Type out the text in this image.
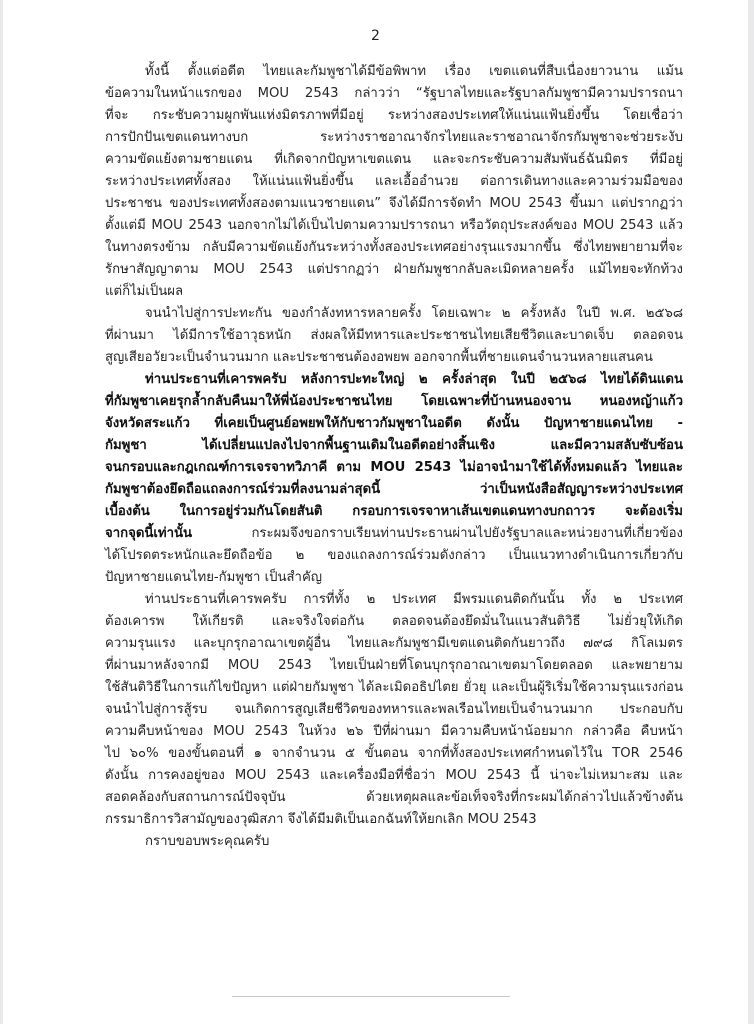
2
ทั้งนี้ ตั้งแต่อดีต ไทยและกัมพูชาได้มีข้อพิพาท เรื่อง เขตแดนที่สืบเนื่องยาวนาน แม้น
ข้อความในหน้าแรกของ MOU 2543 กล่าวว่า “รัฐบาลไทยและรัฐบาลกัมพูชามีความปรารถนา
ที่จะ กระชับความผูกพันแห่งมิตรภาพที่มีอยู่ ระหว่างสองประเทศให้แน่นแฟ้นยิ่งขึ้น โดยเชื่อว่า
การปักปันเขตแดนทางบก ระหว่างราชอาณาจักรไทยและราชอาณาจักรกัมพูชาจะช่วยระงับ
ความขัดแย้งตามชายแดน ที่เกิดจากปัญหาเขตแดน และจะกระชับความสัมพันธ์ฉันมิตร ที่มีอยู่
ระหว่างประเทศทั้งสอง ให้แน่นแฟ้นยิ่งขึ้น และเอื้ออำนวย ต่อการเดินทางและความร่วมมือของ
ประชาชน ของประเทศทั้งสองตามแนวชายแดน” จึงได้มีการจัดทำ MOU 2543 ขึ้นมา แต่ปรากฏว่า
ตั้งแต่มี MOU 2543 นอกจากไม่ได้เป็นไปตามความปรารถนา หรือวัตถุประสงค์ของ MOU 2543 แล้ว
ในทางตรงข้าม กลับมีความขัดแย้งกันระหว่างทั้งสองประเทศอย่างรุนแรงมากขึ้น ซึ่งไทยพยายามที่จะ
รักษาสัญญาตาม MOU 2543 แต่ปรากฏว่า ฝ่ายกัมพูชากลับละเมิดหลายครั้ง แม้ไทยจะทักท้วง
แต่ก็ไม่เป็นผล
จนนำไปสู่การปะทะกัน ของกำลังทหารหลายครั้ง โดยเฉพาะ ๒ ครั้งหลัง ในปี พ.ศ. ๒๕๖๘
ที่ผ่านมา ได้มีการใช้อาวุธหนัก ส่งผลให้มีทหารและประชาชนไทยเสียชีวิตและบาดเจ็บ ตลอดจน
สูญเสียอวัยวะเป็นจำนวนมาก และประชาชนต้องอพยพ ออกจากพื้นที่ชายแดนจำนวนหลายแสนคน
ท่านประธานที่เคารพครับ หลังการปะทะใหญ่ ๒ ครั้งล่าสุด ในปี ๒๕๖๘ ไทยได้ดินแดน
ที่กัมพูชาเคยรุกล้ำกลับคืนมาให้พี่น้องประชาชนไทย โดยเฉพาะที่บ้านหนองจาน หนองหญ้าแก้ว
จังหวัดสระแก้ว ที่เคยเป็นศูนย์อพยพให้กับชาวกัมพูชาในอดีต ดังนั้น ปัญหาชายแดนไทย -
กัมพูชา ได้เปลี่ยนแปลงไปจากพื้นฐานเดิมในอดีตอย่างสิ้นเชิง และมีความสลับซับซ้อน
จนกรอบและกฎเกณฑ์การเจรจาทวิภาคี ตาม MOU 2543 ไม่อาจนำมาใช้ได้ทั้งหมดแล้ว ไทยและ
กัมพูชาต้องยึดถือแถลงการณ์ร่วมที่ลงนามล่าสุดนี้ ว่าเป็นหนังสือสัญญาระหว่างประเทศ
เบื้องต้น ในการอยู่ร่วมกันโดยสันติ กรอบการเจรจาหาเส้นเขตแดนทางบกถาวร จะต้องเริ่ม
จากจุดนี้เท่านั้น กระผมจึงขอกราบเรียนท่านประธานผ่านไปยังรัฐบาลและหน่วยงานที่เกี่ยวข้อง
ได้โปรดตระหนักและยึดถือข้อ ๒ ของแถลงการณ์ร่วมดังกล่าว เป็นแนวทางดำเนินการเกี่ยวกับ
ปัญหาชายแดนไทย-กัมพูชา เป็นสำคัญ
ท่านประธานที่เคารพครับ การที่ทั้ง ๒ ประเทศ มีพรมแดนติดกันนั้น ทั้ง ๒ ประเทศ
ต้องเคารพ ให้เกียรติ และจริงใจต่อกัน ตลอดจนต้องยึดมั่นในแนวสันติวิธี ไม่ยั่วยุให้เกิด
ความรุนแรง และบุกรุกอาณาเขตผู้อื่น ไทยและกัมพูชามีเขตแดนติดกันยาวถึง ๗๙๘ กิโลเมตร
ที่ผ่านมาหลังจากมี MOU 2543 ไทยเป็นฝ่ายที่โดนบุกรุกอาณาเขตมาโดยตลอด และพยายาม
ใช้สันติวิธีในการแก้ไขปัญหา แต่ฝ่ายกัมพูชา ได้ละเมิดอธิปไตย ยั่วยุ และเป็นผู้ริเริ่มใช้ความรุนแรงก่อน
จนนำไปสู่การสู้รบ จนเกิดการสูญเสียชีวิตของทหารและพลเรือนไทยเป็นจำนวนมาก ประกอบกับ
ความคืบหน้าของ MOU 2543 ในห้วง ๒๖ ปีที่ผ่านมา มีความคืบหน้าน้อยมาก กล่าวคือ คืบหน้า
ไป ๖๐% ของขั้นตอนที่ ๑ จากจำนวน ๕ ขั้นตอน จากที่ทั้งสองประเทศกำหนดไว้ใน TOR 2546
ดังนั้น การคงอยู่ของ MOU 2543 และเครื่องมือที่ชื่อว่า MOU 2543 นี้ น่าจะไม่เหมาะสม และ
สอดคล้องกับสถานการณ์ปัจจุบัน ด้วยเหตุผลและข้อเท็จจริงที่กระผมได้กล่าวไปแล้วข้างต้น
กรรมาธิการวิสามัญของวุฒิสภา จึงได้มีมติเป็นเอกฉันท์ให้ยกเลิก MOU 2543
กราบขอบพระคุณครับ
